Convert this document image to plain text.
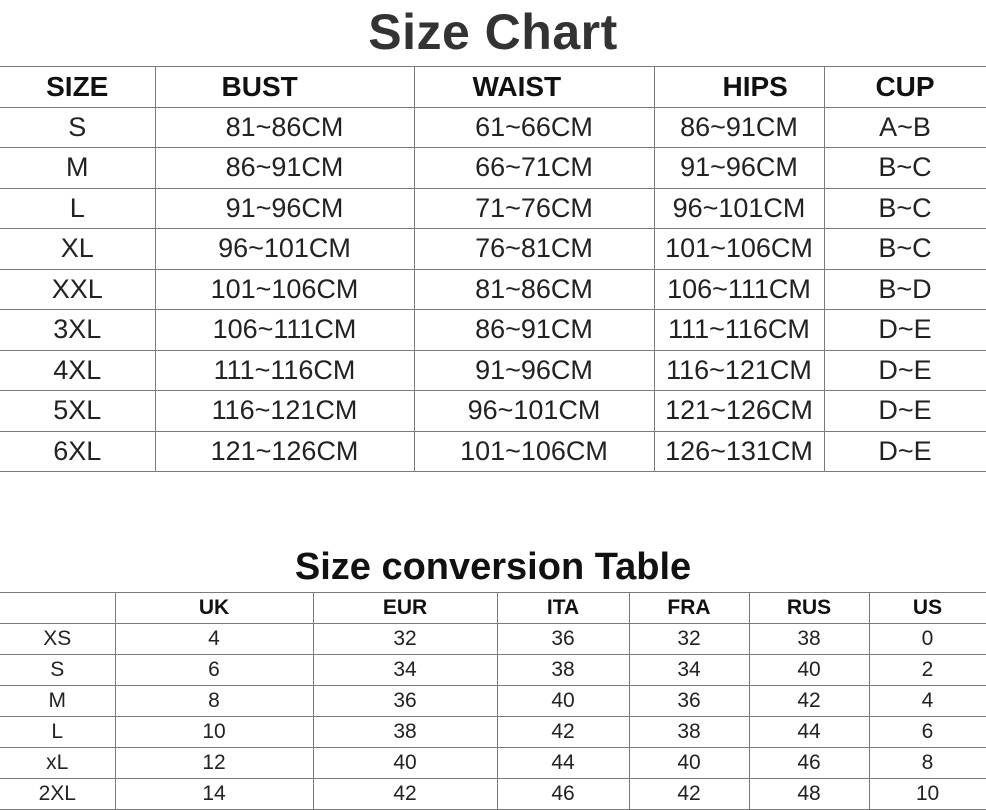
Size Chart
SIZE	BUST	WAIST	HIPS	CUP
S	81~86CM	61~66CM	86~91CM	A~B
M	86~91CM	66~71CM	91~96CM	B~C
L	91~96CM	71~76CM	96~101CM	B~C
XL	96~101CM	76~81CM	101~106CM	B~C
XXL	101~106CM	81~86CM	106~111CM	B~D
3XL	106~111CM	86~91CM	111~116CM	D~E
4XL	111~116CM	91~96CM	116~121CM	D~E
5XL	116~121CM	96~101CM	121~126CM	D~E
6XL	121~126CM	101~106CM	126~131CM	D~E
Size conversion Table
	UK	EUR	ITA	FRA	RUS	US
XS	4	32	36	32	38	0
S	6	34	38	34	40	2
M	8	36	40	36	42	4
L	10	38	42	38	44	6
xL	12	40	44	40	46	8
2XL	14	42	46	42	48	10
